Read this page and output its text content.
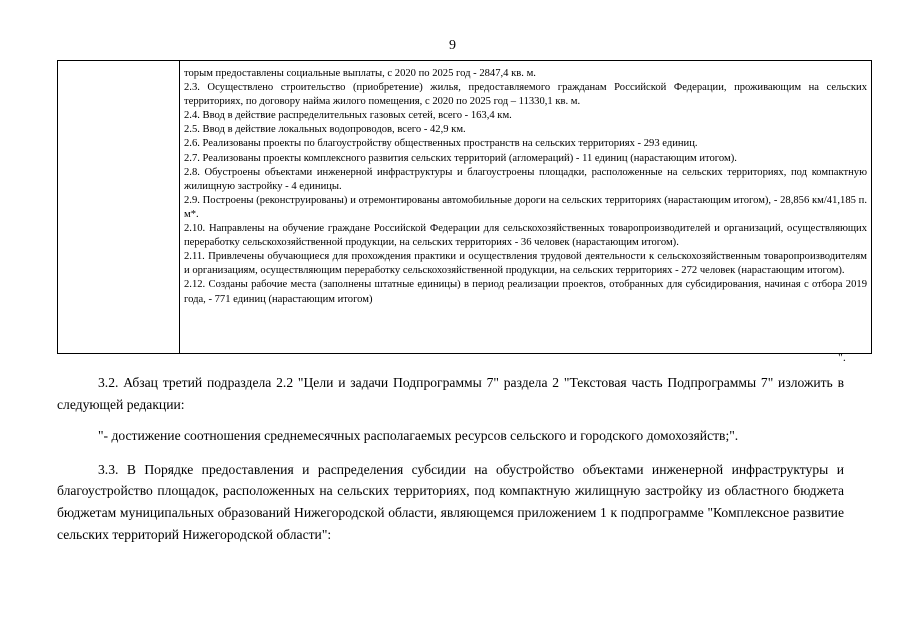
9

торым предоставлены социальные выплаты, с 2020 по 2025 год - 2847,4 кв. м.

2.3. Осуществлено строительство (приобретение) жилья, предоставляемого гражданам Российской Федерации, проживающим на сельских территориях, по договору найма жилого помещения, с 2020 по 2025 год – 11330,1 кв. м.

2.4. Ввод в действие распределительных газовых сетей, всего - 163,4 км.

2.5. Ввод в действие локальных водопроводов, всего - 42,9 км.

2.6. Реализованы проекты по благоустройству общественных пространств на сельских территориях - 293 единиц.

2.7. Реализованы проекты комплексного развития сельских территорий (агломераций) - 11 единиц (нарастающим итогом).

2.8. Обустроены объектами инженерной инфраструктуры и благоустроены площадки, расположенные на сельских территориях, под компактную жилищную застройку - 4 единицы.

2.9. Построены (реконструированы) и отремонтированы автомобильные дороги на сельских территориях (нарастающим итогом), - 28,856 км/41,185 п. м*.

2.10. Направлены на обучение граждане Российской Федерации для сельскохозяйственных товаропроизводителей и организаций, осуществляющих переработку сельскохозяйственной продукции, на сельских территориях - 36 человек (нарастающим итогом).

2.11. Привлечены обучающиеся для прохождения практики и осуществления трудовой деятельности к сельскохозяйственным товаропроизводителям и организациям, осуществляющим переработку сельскохозяйственной продукции, на сельских территориях - 272 человек (нарастающим итогом).

2.12. Созданы рабочие места (заполнены штатные единицы) в период реализации проектов, отобранных для субсидирования, начиная с отбора 2019 года, - 771 единиц (нарастающим итогом)

".

3.2. Абзац третий подраздела 2.2 "Цели и задачи Подпрограммы 7" раздела 2 "Текстовая часть Подпрограммы 7" изложить в следующей редакции:

"- достижение соотношения среднемесячных располагаемых ресурсов сельского и городского домохозяйств;".

3.3. В Порядке предоставления и распределения субсидии на обустройство объектами инженерной инфраструктуры и благоустройство площадок, расположенных на сельских территориях, под компактную жилищную застройку из областного бюджета бюджетам муниципальных образований Нижегородской области, являющемся приложением 1 к подпрограмме "Комплексное развитие сельских территорий Нижегородской области":
